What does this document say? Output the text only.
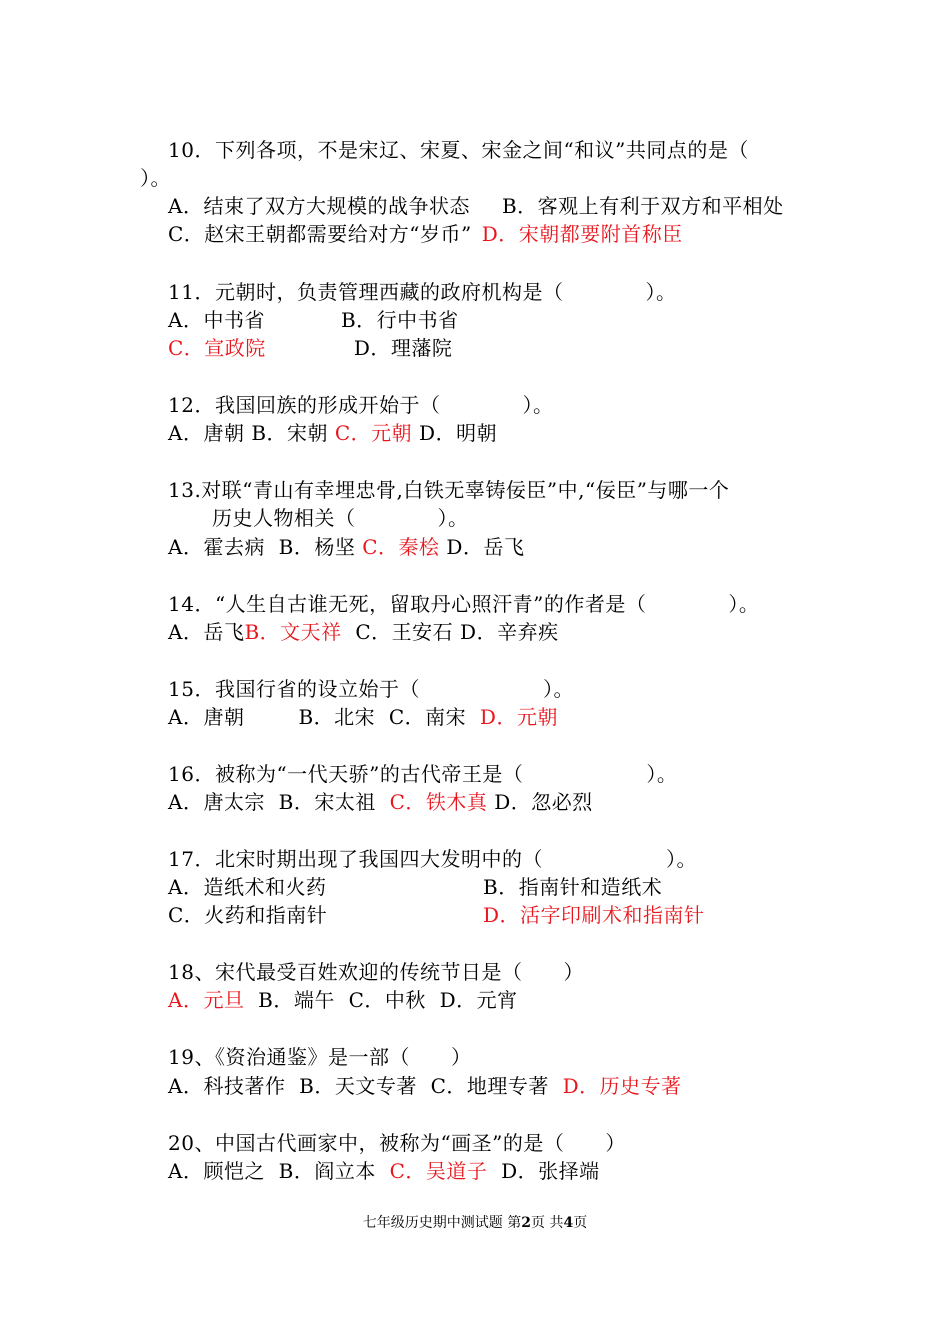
10．下列各项，不是宋辽、宋夏、宋金之间“和议”共同点的是（
）。
A．结束了双方大规模的战争状态 B．客观上有利于双方和平相处
C．赵宋王朝都需要给对方“岁币” D．宋朝都要附首称臣
11．元朝时，负责管理西藏的政府机构是（　　　　）。
A．中书省	B．行中书省
C．宣政院	D．理藩院
12．我国回族的形成开始于（　　　　）。
A．唐朝 B．宋朝 C．元朝 D．明朝
13.对联“青山有幸埋忠骨,白铁无辜铸佞臣”中,“佞臣”与哪一个
历史人物相关（　　　　）。
A．霍去病 B．杨坚 C．秦桧 D．岳飞
14．“人生自古谁无死，留取丹心照汗青”的作者是（　　　　）。
A．岳飞B．文天祥 C．王安石 D．辛弃疾
15．我国行省的设立始于（　　　　　　）。
A．唐朝	B．北宋 C．南宋 D．元朝
16．被称为“一代天骄”的古代帝王是（　　　　　　）。
A．唐太宗 B．宋太祖 C．铁木真 D．忽必烈
17．北宋时期出现了我国四大发明中的（　　　　　　）。
A．造纸术和火药	B．指南针和造纸术
C．火药和指南针	D．活字印刷术和指南针
18、宋代最受百姓欢迎的传统节日是（　　）
A．元旦 B．端午 C．中秋 D．元宵
19、《资治通鉴》是一部（　　）
A．科技著作 B．天文专著 C．地理专著 D．历史专著
20、中国古代画家中，被称为“画圣”的是（　　）
A．顾恺之 B．阎立本 C．吴道子 D．张择端
七年级历史期中测试题 第2页 共4页
